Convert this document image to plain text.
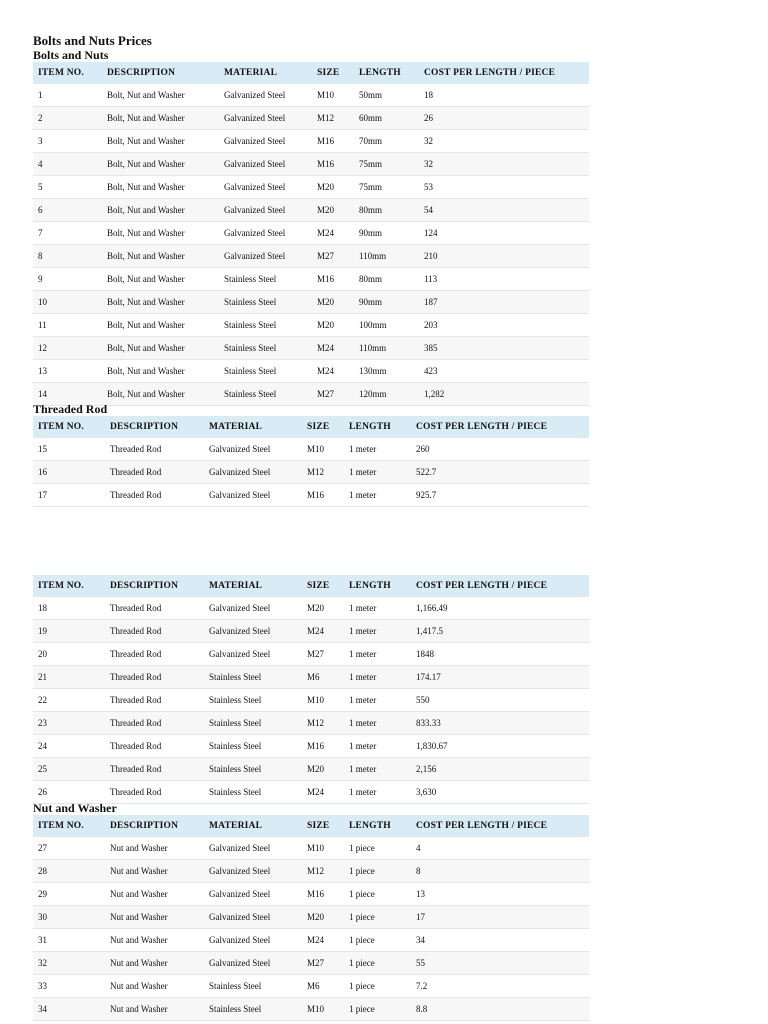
Bolts and Nuts Prices
Bolts and Nuts
ITEM NO.	DESCRIPTION	MATERIAL	SIZE	LENGTH	COST PER LENGTH / PIECE
1	Bolt, Nut and Washer	Galvanized Steel	M10	50mm	18
2	Bolt, Nut and Washer	Galvanized Steel	M12	60mm	26
3	Bolt, Nut and Washer	Galvanized Steel	M16	70mm	32
4	Bolt, Nut and Washer	Galvanized Steel	M16	75mm	32
5	Bolt, Nut and Washer	Galvanized Steel	M20	75mm	53
6	Bolt, Nut and Washer	Galvanized Steel	M20	80mm	54
7	Bolt, Nut and Washer	Galvanized Steel	M24	90mm	124
8	Bolt, Nut and Washer	Galvanized Steel	M27	110mm	210
9	Bolt, Nut and Washer	Stainless Steel	M16	80mm	113
10	Bolt, Nut and Washer	Stainless Steel	M20	90mm	187
11	Bolt, Nut and Washer	Stainless Steel	M20	100mm	203
12	Bolt, Nut and Washer	Stainless Steel	M24	110mm	385
13	Bolt, Nut and Washer	Stainless Steel	M24	130mm	423
14	Bolt, Nut and Washer	Stainless Steel	M27	120mm	1,282
Threaded Rod
ITEM NO.	DESCRIPTION	MATERIAL	SIZE	LENGTH	COST PER LENGTH / PIECE
15	Threaded Rod	Galvanized Steel	M10	1 meter	260
16	Threaded Rod	Galvanized Steel	M12	1 meter	522.7
17	Threaded Rod	Galvanized Steel	M16	1 meter	925.7
ITEM NO.	DESCRIPTION	MATERIAL	SIZE	LENGTH	COST PER LENGTH / PIECE
18	Threaded Rod	Galvanized Steel	M20	1 meter	1,166.49
19	Threaded Rod	Galvanized Steel	M24	1 meter	1,417.5
20	Threaded Rod	Galvanized Steel	M27	1 meter	1848
21	Threaded Rod	Stainless Steel	M6	1 meter	174.17
22	Threaded Rod	Stainless Steel	M10	1 meter	550
23	Threaded Rod	Stainless Steel	M12	1 meter	833.33
24	Threaded Rod	Stainless Steel	M16	1 meter	1,830.67
25	Threaded Rod	Stainless Steel	M20	1 meter	2,156
26	Threaded Rod	Stainless Steel	M24	1 meter	3,630
Nut and Washer
ITEM NO.	DESCRIPTION	MATERIAL	SIZE	LENGTH	COST PER LENGTH / PIECE
27	Nut and Washer	Galvanized Steel	M10	1 piece	4
28	Nut and Washer	Galvanized Steel	M12	1 piece	8
29	Nut and Washer	Galvanized Steel	M16	1 piece	13
30	Nut and Washer	Galvanized Steel	M20	1 piece	17
31	Nut and Washer	Galvanized Steel	M24	1 piece	34
32	Nut and Washer	Galvanized Steel	M27	1 piece	55
33	Nut and Washer	Stainless Steel	M6	1 piece	7.2
34	Nut and Washer	Stainless Steel	M10	1 piece	8.8
